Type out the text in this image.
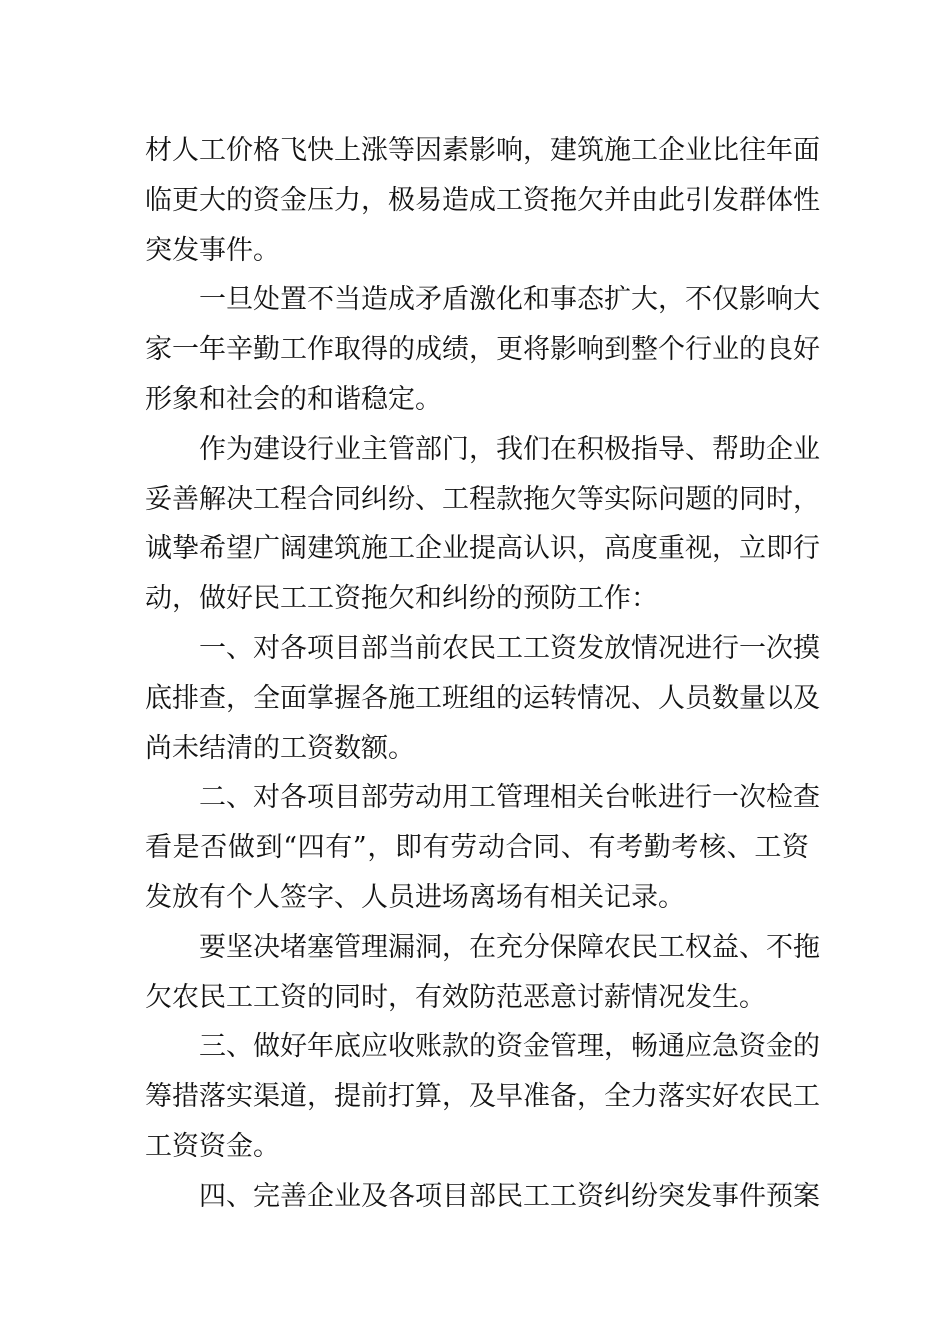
材人工价格飞快上涨等因素影响，建筑施工企业比往年面
临更大的资金压力，极易造成工资拖欠并由此引发群体性
突发事件。
一旦处置不当造成矛盾激化和事态扩大，不仅影响大
家一年辛勤工作取得的成绩，更将影响到整个行业的良好
形象和社会的和谐稳定。
作为建设行业主管部门，我们在积极指导、帮助企业
妥善解决工程合同纠纷、工程款拖欠等实际问题的同时，
诚挚希望广阔建筑施工企业提高认识，高度重视，立即行
动，做好民工工资拖欠和纠纷的预防工作：
一、对各项目部当前农民工工资发放情况进行一次摸
底排查，全面掌握各施工班组的运转情况、人员数量以及
尚未结清的工资数额。
二、对各项目部劳动用工管理相关台帐进行一次检查
看是否做到“四有”，即有劳动合同、有考勤考核、工资
发放有个人签字、人员进场离场有相关记录。
要坚决堵塞管理漏洞，在充分保障农民工权益、不拖
欠农民工工资的同时，有效防范恶意讨薪情况发生。
三、做好年底应收账款的资金管理，畅通应急资金的
筹措落实渠道，提前打算，及早准备，全力落实好农民工
工资资金。
四、完善企业及各项目部民工工资纠纷突发事件预案
